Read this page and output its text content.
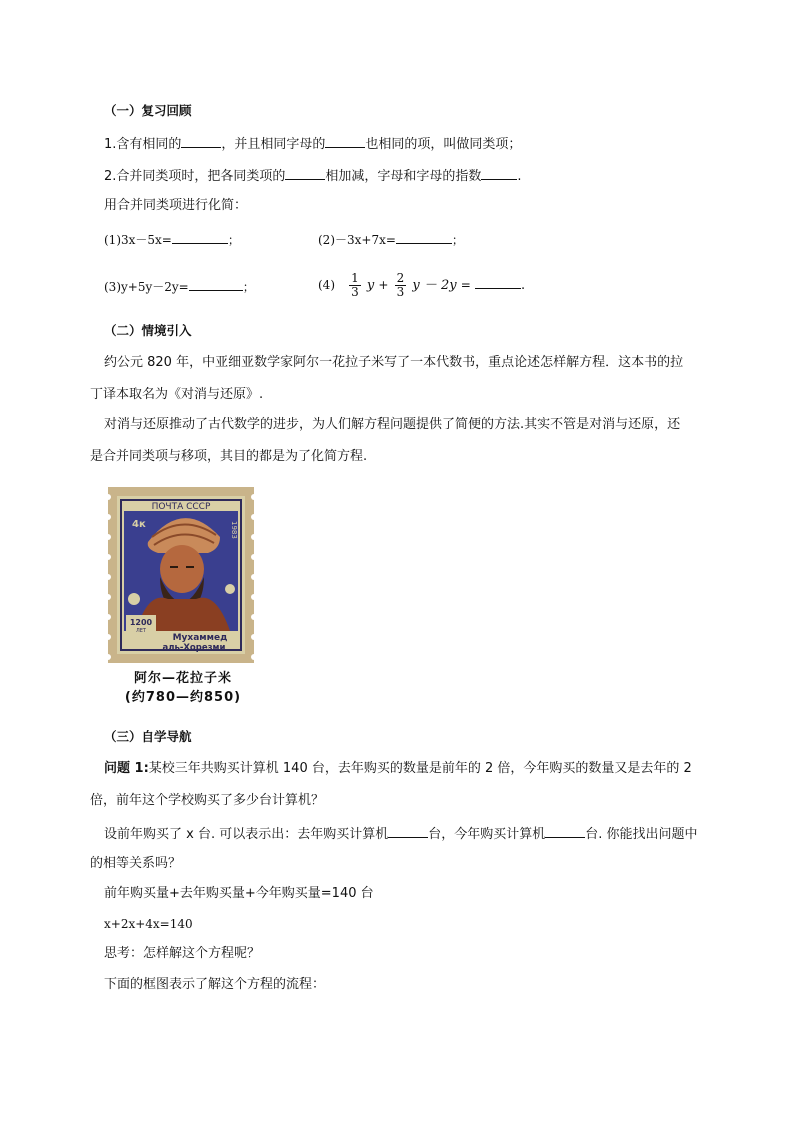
（一）复习回顾
1.含有相同的	，并且相同字母的	也相同的项，叫做同类项；
2.合并同类项时，把各同类项的	相加减，字母和字母的指数	.
用合并同类项进行化简：
(1)3x－5x=	；	(2)－3x+7x=	；
(3)y+5y－2y=	；	$(4) \frac{1}{3}$ $y + \frac{2}{3}$ y － 2y =	.
（二）情境引入
约公元 820 年，中亚细亚数学家阿尔一花拉子米写了一本代数书，重点论述怎样解方程．这本书的拉
丁译本取名为《对消与还原》.
对消与还原推动了古代数学的进步，为人们解方程问题提供了简便的方法.其实不管是对消与还原，还
是合并同类项与移项，其目的都是为了化简方程.
1200
ЛЕТ
ПОЧТА СССР
4к	1983
Мухаммед
аль-Хорезми
阿尔—花拉子米
(约780—约850)
（三）自学导航
问题 1:某校三年共购买计算机 140 台，去年购买的数量是前年的 2 倍，今年购买的数量又是去年的 2
倍，前年这个学校购买了多少台计算机？
设前年购买了 x 台. 可以表示出：去年购买计算机	台，今年购买计算机	台. 你能找出问题中
的相等关系吗？
前年购买量+去年购买量+今年购买量=140 台
x+2x+4x=140
思考：怎样解这个方程呢？
下面的框图表示了解这个方程的流程：
